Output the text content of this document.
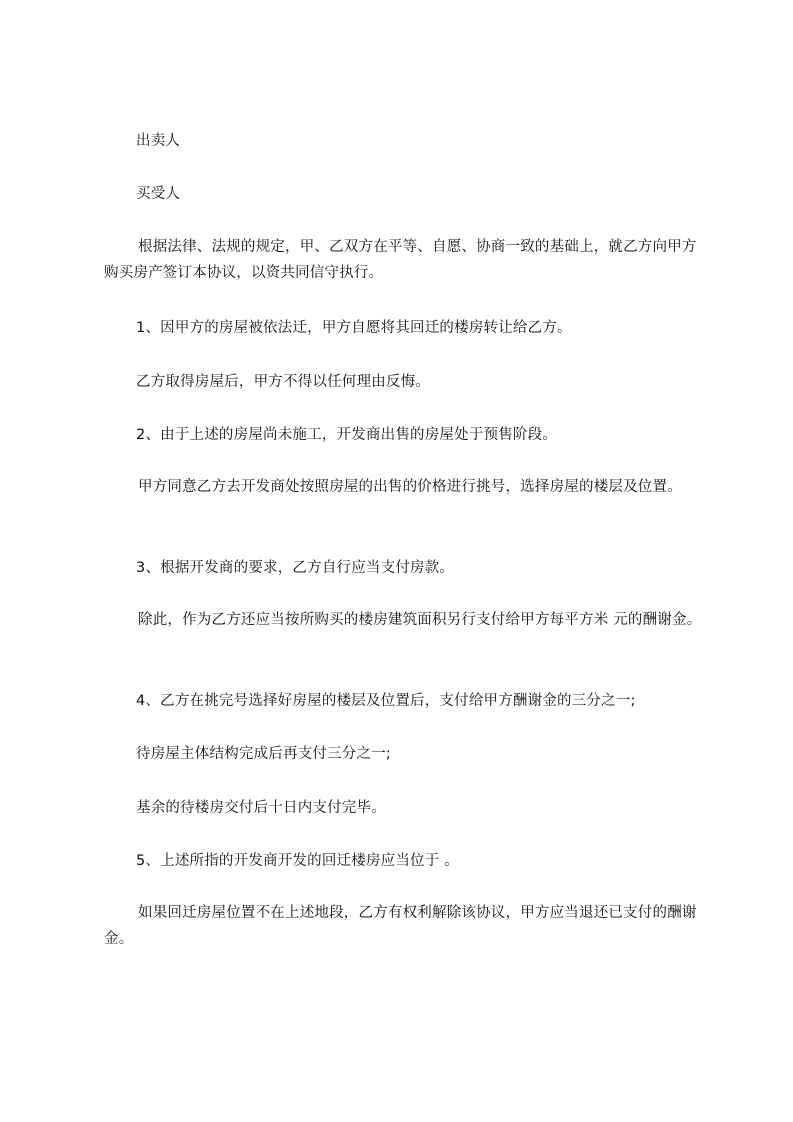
出卖人
买受人
根据法律、法规的规定，甲、乙双方在平等、自愿、协商一致的基础上，就乙方向甲方购买房产签订本协议，以资共同信守执行。
1、因甲方的房屋被依法迁，甲方自愿将其回迁的楼房转让给乙方。
乙方取得房屋后，甲方不得以任何理由反悔。
2、由于上述的房屋尚未施工，开发商出售的房屋处于预售阶段。
甲方同意乙方去开发商处按照房屋的出售的价格进行挑号，选择房屋的楼层及位置。
3、根据开发商的要求，乙方自行应当支付房款。
除此，作为乙方还应当按所购买的楼房建筑面积另行支付给甲方每平方米 元的酬谢金。
4、乙方在挑完号选择好房屋的楼层及位置后，支付给甲方酬谢金的三分之一;
待房屋主体结构完成后再支付三分之一;
基余的待楼房交付后十日内支付完毕。
5、上述所指的开发商开发的回迁楼房应当位于 。
如果回迁房屋位置不在上述地段，乙方有权利解除该协议，甲方应当退还已支付的酬谢金。
